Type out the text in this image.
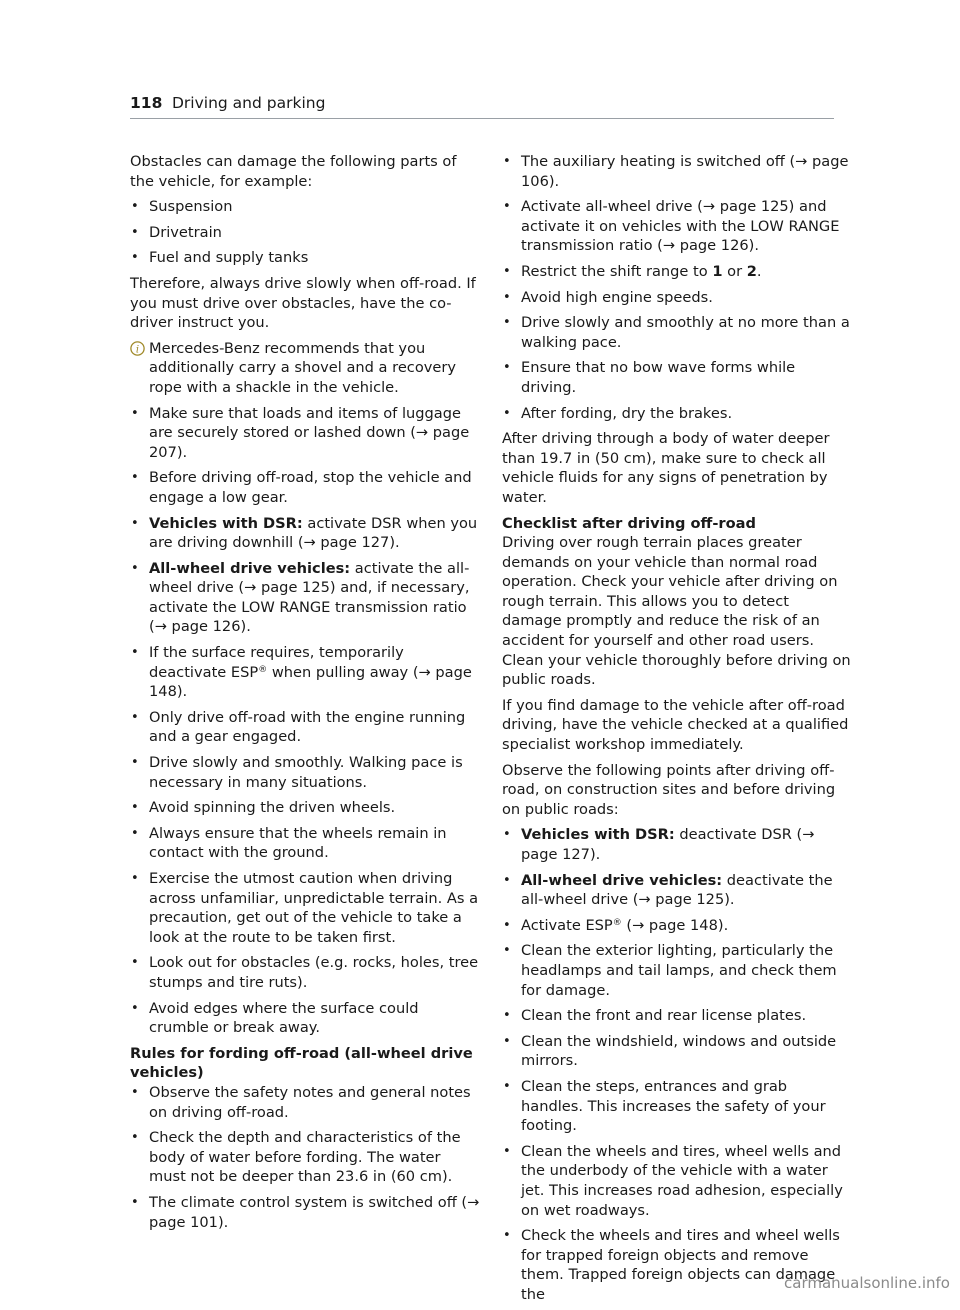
118 Driving and parking

Obstacles can damage the following parts of the vehicle, for example:

• Suspension
• Drivetrain
• Fuel and supply tanks

Therefore, always drive slowly when off-road. If you must drive over obstacles, have the co-driver instruct you.

i Mercedes-Benz recommends that you additionally carry a shovel and a recovery rope with a shackle in the vehicle.
• Make sure that loads and items of luggage are securely stored or lashed down (→ page 207).
• Before driving off-road, stop the vehicle and engage a low gear.
• Vehicles with DSR: activate DSR when you are driving downhill (→ page 127).
• All-wheel drive vehicles: activate the all-wheel drive (→ page 125) and, if necessary, activate the LOW RANGE transmission ratio (→ page 126).
• If the surface requires, temporarily deactivate ESP® when pulling away (→ page 148).
• Only drive off-road with the engine running and a gear engaged.
• Drive slowly and smoothly. Walking pace is necessary in many situations.
• Avoid spinning the driven wheels.
• Always ensure that the wheels remain in contact with the ground.
• Exercise the utmost caution when driving across unfamiliar, unpredictable terrain. As a precaution, get out of the vehicle to take a look at the route to be taken first.
• Look out for obstacles (e.g. rocks, holes, tree stumps and tire ruts).
• Avoid edges where the surface could crumble or break away.
Rules for fording off-road (all-wheel drive vehicles)
• Observe the safety notes and general notes on driving off-road.
• Check the depth and characteristics of the body of water before fording. The water must not be deeper than 23.6 in (60 cm).
• The climate control system is switched off (→ page 101).
• The auxiliary heating is switched off (→ page 106).
• Activate all-wheel drive (→ page 125) and activate it on vehicles with the LOW RANGE transmission ratio (→ page 126).
• Restrict the shift range to 1 or 2.
• Avoid high engine speeds.
• Drive slowly and smoothly at no more than a walking pace.
• Ensure that no bow wave forms while driving.
• After fording, dry the brakes.

After driving through a body of water deeper than 19.7 in (50 cm), make sure to check all vehicle fluids for any signs of penetration by water.

Checklist after driving off-road

Driving over rough terrain places greater demands on your vehicle than normal road operation. Check your vehicle after driving on rough terrain. This allows you to detect damage promptly and reduce the risk of an accident for yourself and other road users. Clean your vehicle thoroughly before driving on public roads.

If you find damage to the vehicle after off-road driving, have the vehicle checked at a qualified specialist workshop immediately.

Observe the following points after driving off-road, on construction sites and before driving on public roads:

• Vehicles with DSR: deactivate DSR (→ page 127).
• All-wheel drive vehicles: deactivate the all-wheel drive (→ page 125).
• Activate ESP® (→ page 148).
• Clean the exterior lighting, particularly the headlamps and tail lamps, and check them for damage.
• Clean the front and rear license plates.
• Clean the windshield, windows and outside mirrors.
• Clean the steps, entrances and grab handles. This increases the safety of your footing.
• Clean the wheels and tires, wheel wells and the underbody of the vehicle with a water jet. This increases road adhesion, especially on wet roadways.
• Check the wheels and tires and wheel wells for trapped foreign objects and remove them. Trapped foreign objects can damage the
carmanualsonline.info
